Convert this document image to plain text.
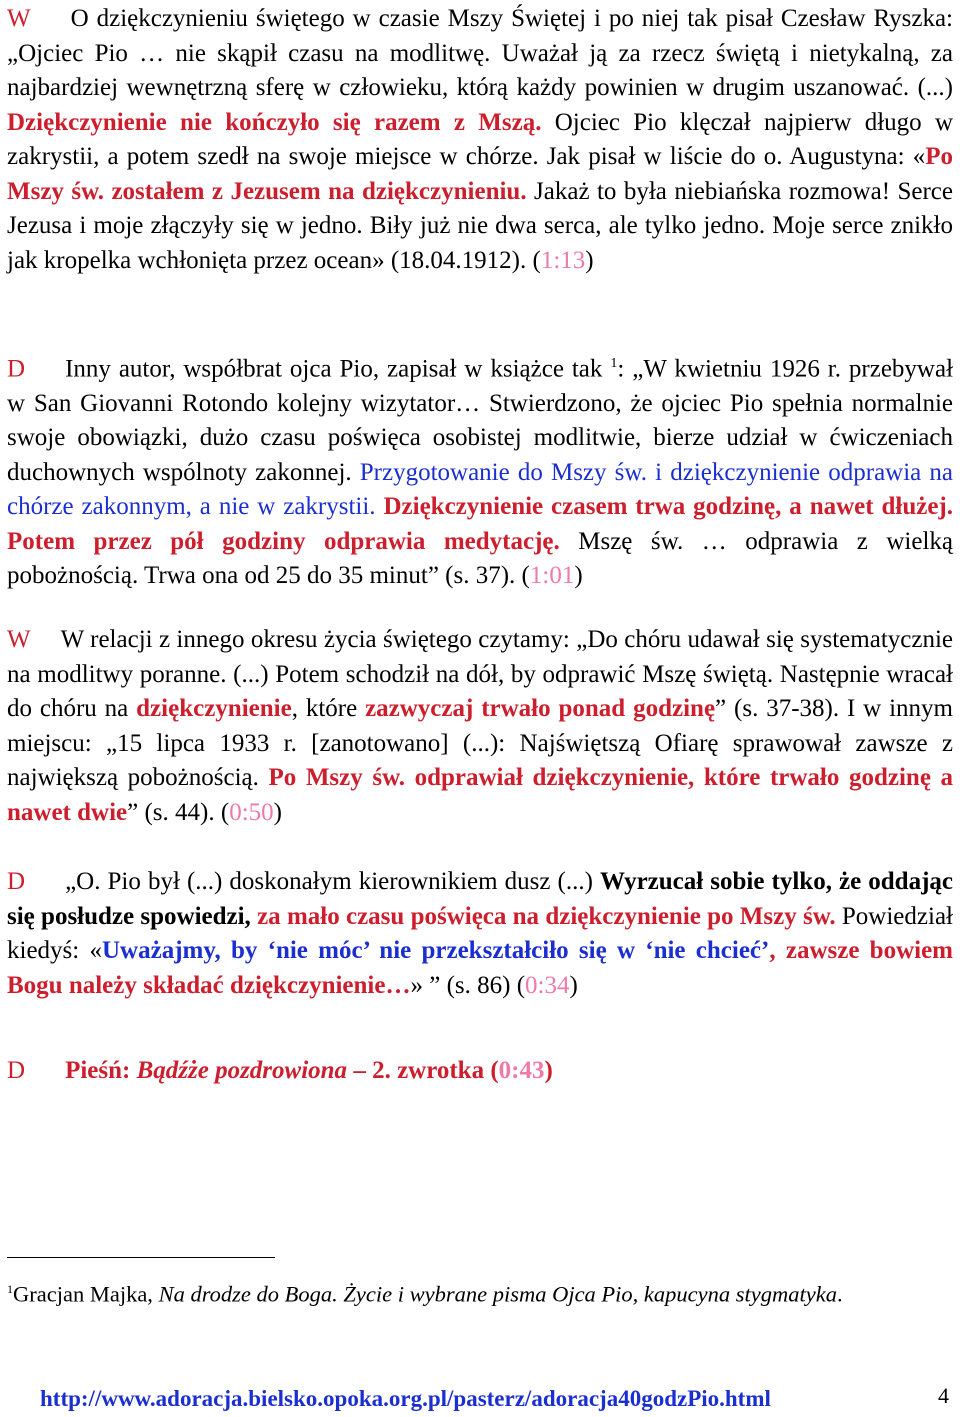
W O dziękczynieniu świętego w czasie Mszy Świętej i po niej tak pisał Czesław Ryszka: „Ojciec Pio … nie skąpił czasu na modlitwę. Uważał ją za rzecz świętą i nietykalną, za najbardziej wewnętrzną sferę w człowieku, którą każdy powinien w drugim uszanować. (...) Dziękczynienie nie kończyło się razem z Mszą. Ojciec Pio klęczał najpierw długo w zakrystii, a potem szedł na swoje miejsce w chórze. Jak pisał w liście do o. Augustyna: «Po Mszy św. zostałem z Jezusem na dziękczynieniu. Jakaż to była niebiańska rozmowa! Serce Jezusa i moje złączyły się w jedno. Biły już nie dwa serca, ale tylko jedno. Moje serce znikło jak kropelka wchłonięta przez ocean» (18.04.1912). (1:13)

D Inny autor, współbrat ojca Pio, zapisał w książce tak $^1$: „W kwietniu 1926 r. przebywał w San Giovanni Rotondo kolejny wizytator… Stwierdzono, że ojciec Pio spełnia normalnie swoje obowiązki, dużo czasu poświęca osobistej modlitwie, bierze udział w ćwiczeniach duchownych wspólnoty zakonnej. Przygotowanie do Mszy św. i dziękczynienie odprawia na chórze zakonnym, a nie w zakrystii. Dziękczynienie czasem trwa godzinę, a nawet dłużej. Potem przez pół godziny odprawia medytację. Mszę św. … odprawia z wielką pobożnością. Trwa ona od 25 do 35 minut” (s. 37). (1:01)

W W relacji z innego okresu życia świętego czytamy: „Do chóru udawał się systematycznie na modlitwy poranne. (...) Potem schodził na dół, by odprawić Mszę świętą. Następnie wracał do chóru na dziękczynienie, które zazwyczaj trwało ponad godzinę” (s. 37-38). I w innym miejscu: „15 lipca 1933 r. [zanotowano] (...): Najświętszą Ofiarę sprawował zawsze z największą pobożnością. Po Mszy św. odprawiał dziękczynienie, które trwało godzinę a nawet dwie” (s. 44). (0:50)

D „O. Pio był (...) doskonałym kierownikiem dusz (...) Wyrzucał sobie tylko, że oddając się posłudze spowiedzi, za mało czasu poświęca na dziękczynienie po Mszy św. Powiedział kiedyś: «Uważajmy, by ‘nie móc’ nie przekształciło się w ‘nie chcieć’, zawsze bowiem Bogu należy składać dziękczynienie…» ” (s. 86) (0:34)

D Pieśń: Bądźże pozdrowiona – 2. zwrotka (0:43)

$^1$Gracjan Majka, Na drodze do Boga. Życie i wybrane pisma Ojca Pio, kapucyna stygmatyka.
http://www.adoracja.bielsko.opoka.org.pl/pasterz/adoracja40godzPio.html	4
